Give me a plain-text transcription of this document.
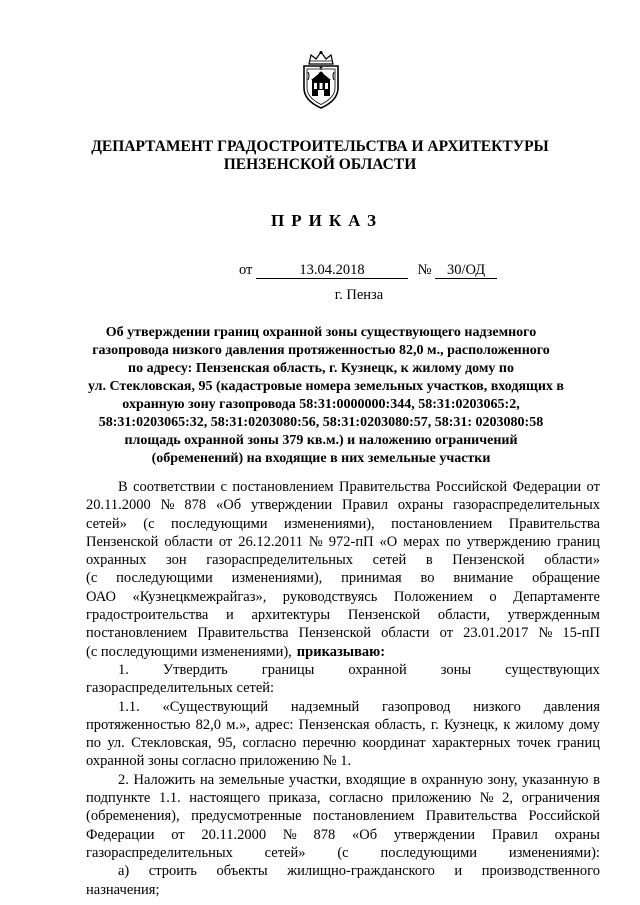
ДЕПАРТАМЕНТ ГРАДОСТРОИТЕЛЬСТВА И АРХИТЕКТУРЫ
ПЕНЗЕНСКОЙ ОБЛАСТИ
ПРИКАЗ
от	13.04.2018	№ 30/ОД
г. Пенза
Об утверждении границ охранной зоны существующего надземного
газопровода низкого давления протяженностью 82,0 м., расположенного
по адресу: Пензенская область, г. Кузнецк, к жилому дому по
ул. Стекловская, 95 (кадастровые номера земельных участков, входящих в
охранную зону газопровода 58:31:0000000:344, 58:31:0203065:2,
58:31:0203065:32, 58:31:0203080:56, 58:31:0203080:57, 58:31: 0203080:58
площадь охранной зоны 379 кв.м.) и наложению ограничений
(обременений) на входящие в них земельные участки
В соответствии с постановлением Правительства Российской Федерации от
20.11.2000 № 878 «Об утверждении Правил охраны газораспределительных
сетей» (с последующими изменениями), постановлением Правительства
Пензенской области от 26.12.2011 № 972-пП «О мерах по утверждению границ
охранных зон газораспределительных сетей в Пензенской области»
(с последующими изменениями), принимая во внимание обращение
ОАО «Кузнецкмежрайгаз», руководствуясь Положением о Департаменте
градостроительства и архитектуры Пензенской области, утвержденным
постановлением Правительства Пензенской области от 23.01.2017 № 15-пП
(с последующими изменениями), приказываю:
1. Утвердить границы охранной зоны существующих
газораспределительных сетей:
1.1. «Существующий надземный газопровод низкого давления
протяженностью 82,0 м.», адрес: Пензенская область, г. Кузнецк, к жилому дому
по ул. Стекловская, 95, согласно перечню координат характерных точек границ
охранной зоны согласно приложению № 1.
2. Наложить на земельные участки, входящие в охранную зону, указанную в
подпункте 1.1. настоящего приказа, согласно приложению № 2, ограничения
(обременения), предусмотренные постановлением Правительства Российской
Федерации от 20.11.2000 № 878 «Об утверждении Правил охраны
газораспределительных сетей» (с последующими изменениями):
а) строить объекты жилищно-гражданского и производственного
назначения;
